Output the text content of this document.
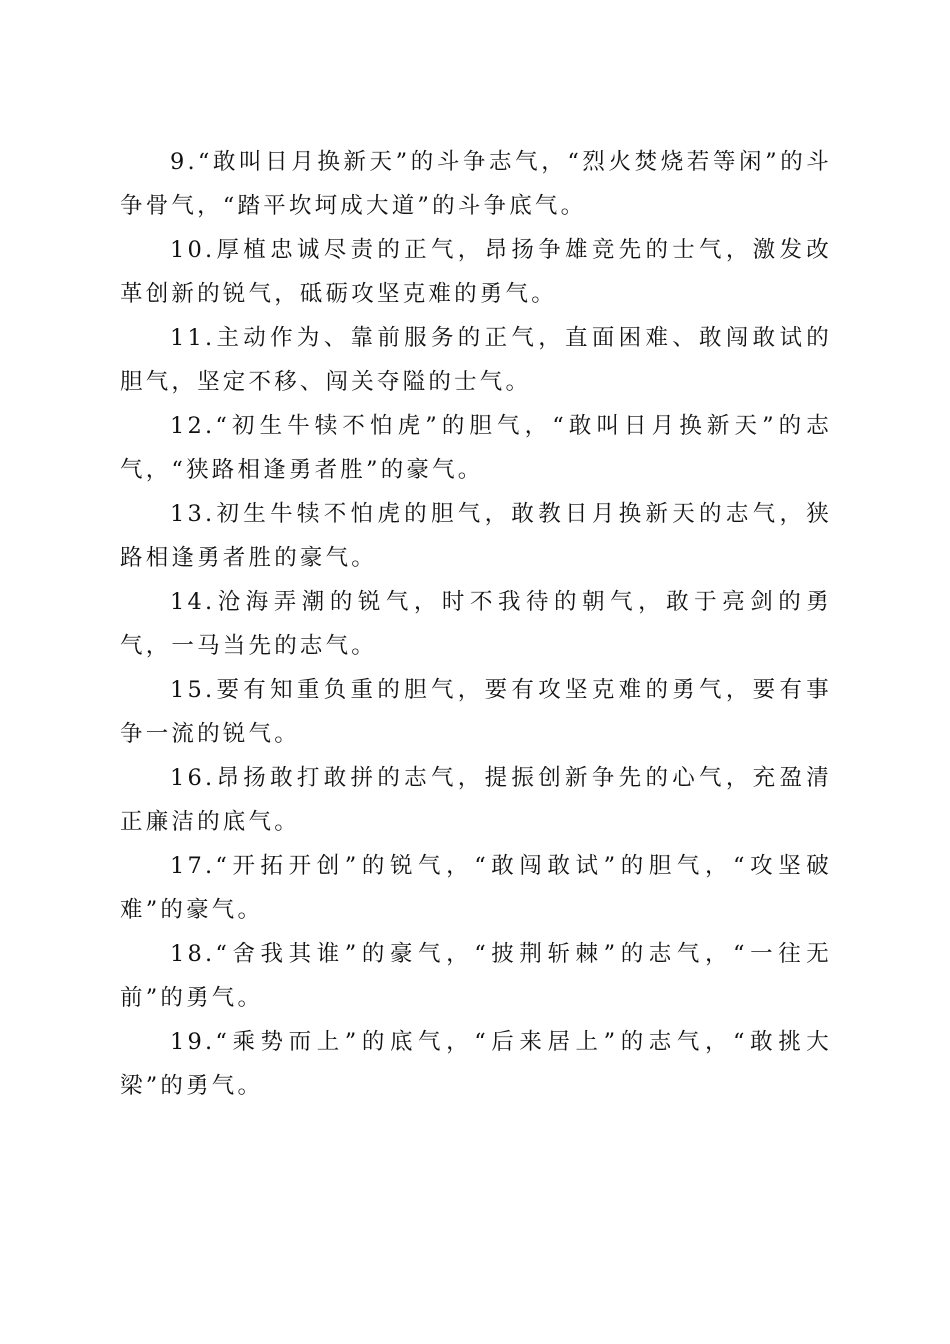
9.“敢叫日月换新天”的斗争志气，“烈火焚烧若等闲”的斗争骨气，“踏平坎坷成大道”的斗争底气。

10.厚植忠诚尽责的正气，昂扬争雄竞先的士气，激发改革创新的锐气，砥砺攻坚克难的勇气。

11.主动作为、靠前服务的正气，直面困难、敢闯敢试的胆气，坚定不移、闯关夺隘的士气。

12.“初生牛犊不怕虎”的胆气，“敢叫日月换新天”的志气，“狭路相逢勇者胜”的豪气。

13.初生牛犊不怕虎的胆气，敢教日月换新天的志气，狭路相逢勇者胜的豪气。

14.沧海弄潮的锐气，时不我待的朝气，敢于亮剑的勇气，一马当先的志气。

15.要有知重负重的胆气，要有攻坚克难的勇气，要有事争一流的锐气。

16.昂扬敢打敢拼的志气，提振创新争先的心气，充盈清正廉洁的底气。

17.“开拓开创”的锐气，“敢闯敢试”的胆气，“攻坚破难”的豪气。

18.“舍我其谁”的豪气，“披荆斩棘”的志气，“一往无前”的勇气。

19.“乘势而上”的底气，“后来居上”的志气，“敢挑大梁”的勇气。
